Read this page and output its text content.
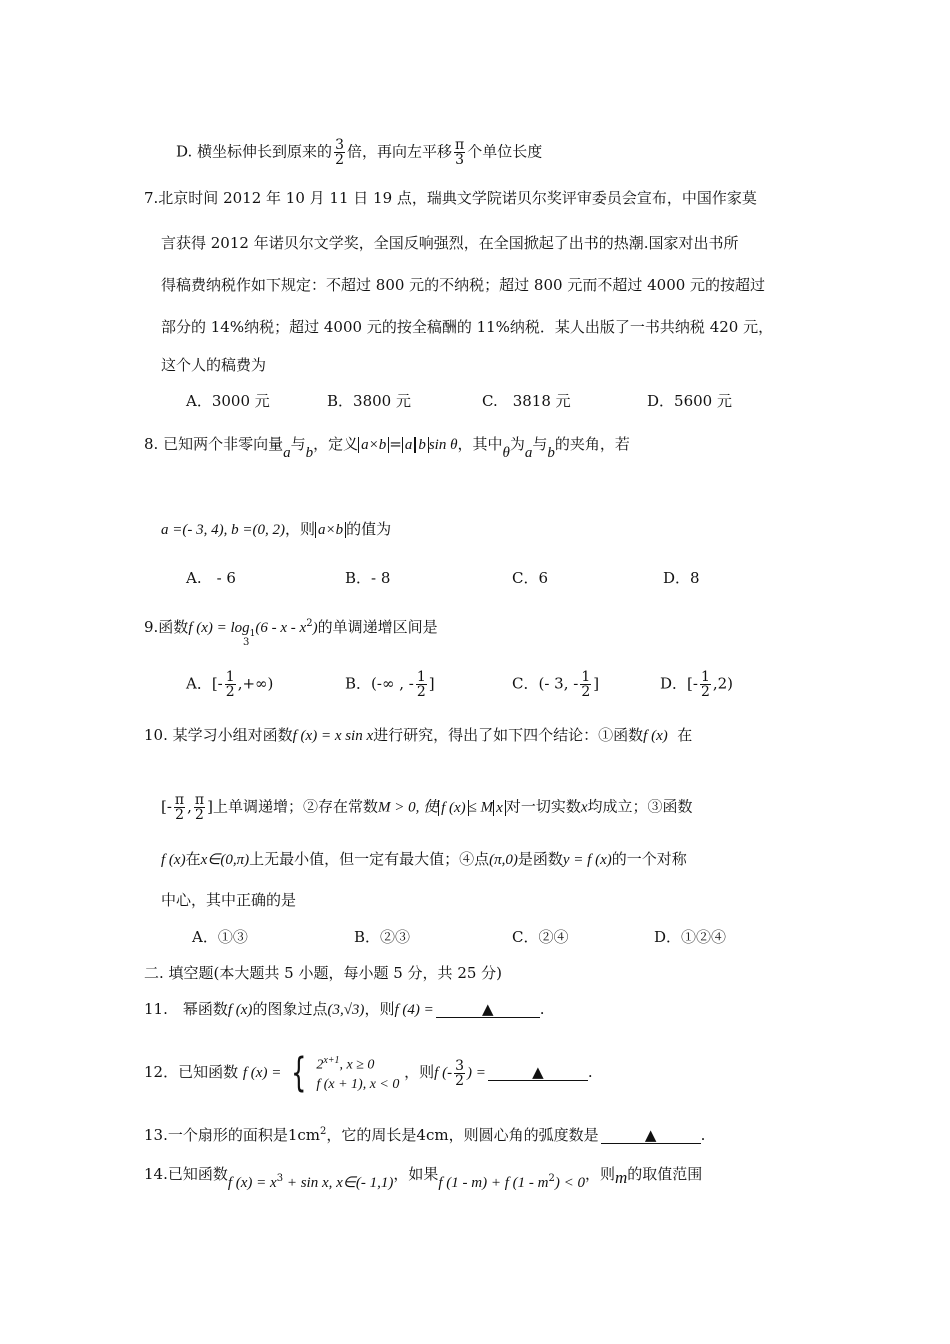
D. 横坐标伸长到原来的 $\frac{3}{2}$ 倍，再向左平移 $\frac{\pi}{3}$ 个单位长度
7.北京时间 2012 年 10 月 11 日 19 点，瑞典文学院诺贝尔奖评审委员会宣布，中国作家莫
言获得 2012 年诺贝尔文学奖，全国反响强烈，在全国掀起了出书的热潮.国家对出书所
得稿费纳税作如下规定：不超过 800 元的不纳税；超过 800 元而不超过 4000 元的按超过
部分的 14%纳税；超过 4000 元的按全稿酬的 11%纳税．某人出版了一书共纳税 420 元，
这个人的稿费为
A．3000 元	B．3800 元	C.　3818 元	D．5600 元
8. 已知两个非零向量a与b，定义 a×b = a b sin θ，其中θ为a与b的夹角，若
a =(- 3, 4), b =(0, 2)，则 a×b 的值为
A.　- 6	B．- 8	C．6	D．8
9.函数f $(x) = \log_1(6 - x - x^2)$的单调递增区间是
3
A．[- $\frac{1}{2}$ ,+∞)	B．(-∞ , - $\frac{1}{2}$ ]	C．(- 3, - $\frac{1}{2}$ ]	D．[- $\frac{1}{2} ,2$)
10. 某学习小组对函数f (x) = x sin x进行研究，得出了如下四个结论：①函数f (x) 在
[- $\frac{\pi}{2}$ , $\frac{\pi}{2}$ ]上单调递增；②存在常数M > 0, 使 f (x) ≤ M x 对一切实数x均成立；③函数
f (x)在x∈(0,π)上无最小值，但一定有最大值；④点(π,0)是函数y = f (x)的一个对称
中心，其中正确的是
A．①③	B．②③	C．②④	D．①②④
二. 填空题(本大题共 5 小题，每小题 5 分，共 25 分)
11.　幂函数f (x)的图象过点(3,√3)，则f (4) =	▲	.
12．已知函数 f (x) = { $2^{x+1}$, x ≥ 0
f (x + 1), x < 0
，则f (- $\frac{3}{2}$ ) =	▲	.
13.一个扇形的面积是$1cm^2$，它的周长是4cm，则圆心角的弧度数是	▲	.
14.已知函数f $(x) = x^3 + \sin x$, x∈(- 1,1)，如果f (1 - m) + f $(1 - m^2) < 0$，则m的取值范围
